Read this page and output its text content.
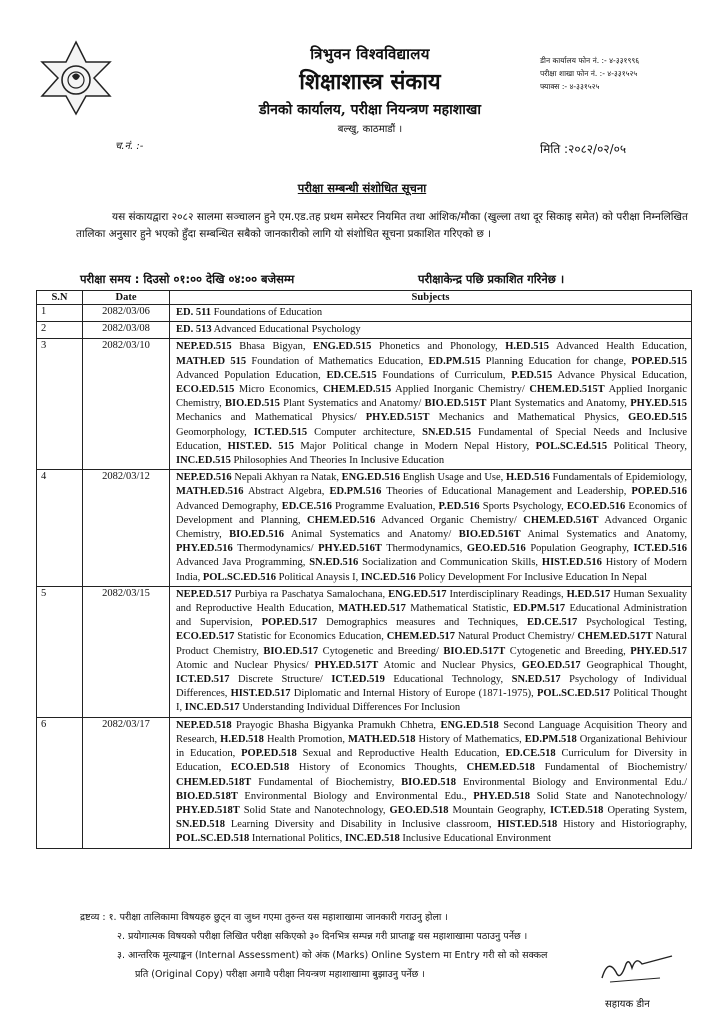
त्रिभुवन विश्वविद्यालय
शिक्षाशास्त्र संकाय
डीनको कार्यालय, परीक्षा नियन्त्रण महाशाखा
बल्खु, काठमाडौं ।
डीन कार्यालय फोन नं. :- ४-३३१९९६
परीक्षा शाखा फोन नं. :- ४-३३१५२५
फ्याक्स :- ४-३३१५२५
च.नं. :-	मिति :२०८२/०२/०५
परीक्षा सम्बन्धी संशोधित सूचना
यस संकायद्वारा २०८२ सालमा सञ्चालन हुने एम.एड.तह प्रथम समेस्टर नियमित तथा आंशिक/मौका (खुल्ला तथा दूर सिकाइ समेत) को परीक्षा निम्नलिखित तालिका अनुसार हुने भएको हुँदा सम्बन्धित सबैको जानकारीको लागि यो संशोधित सूचना प्रकाशित गरिएको छ ।
परीक्षा समय : दिउसो ०१:०० देखि ०४:०० बजेसम्म	परीक्षाकेन्द्र पछि प्रकाशित गरिनेछ ।
S.N	Date	Subjects
1	2082/03/06	ED. 511 Foundations of Education
2	2082/03/08	ED. 513 Advanced Educational Psychology
3	2082/03/10	NEP.ED.515 Bhasa Bigyan, ENG.ED.515 Phonetics and Phonology, H.ED.515 Advanced Health Education, MATH.ED 515 Foundation of Mathematics Education, ED.PM.515 Planning Education for change, POP.ED.515 Advanced Population Education, ED.CE.515 Foundations of Curriculum, P.ED.515 Advance Physical Education, ECO.ED.515 Micro Economics, CHEM.ED.515 Applied Inorganic Chemistry/ CHEM.ED.515T Applied Inorganic Chemistry, BIO.ED.515 Plant Systematics and Anatomy/ BIO.ED.515T Plant Systematics and Anatomy, PHY.ED.515 Mechanics and Mathematical Physics/ PHY.ED.515T Mechanics and Mathematical Physics, GEO.ED.515 Geomorphology, ICT.ED.515 Computer architecture, SN.ED.515 Fundamental of Special Needs and Inclusive Education, HIST.ED. 515 Major Political change in Modern Nepal History, POL.SC.Ed.515 Political Theory, INC.ED.515 Philosophies And Theories In Inclusive Education
4	2082/03/12	NEP.ED.516 Nepali Akhyan ra Natak, ENG.ED.516 English Usage and Use, H.ED.516 Fundamentals of Epidemiology, MATH.ED.516 Abstract Algebra, ED.PM.516 Theories of Educational Management and Leadership, POP.ED.516 Advanced Demography, ED.CE.516 Programme Evaluation, P.ED.516 Sports Psychology, ECO.ED.516 Economics of Development and Planning, CHEM.ED.516 Advanced Organic Chemistry/ CHEM.ED.516T Advanced Organic Chemistry, BIO.ED.516 Animal Systematics and Anatomy/ BIO.ED.516T Animal Systematics and Anatomy, PHY.ED.516 Thermodynamics/ PHY.ED.516T Thermodynamics, GEO.ED.516 Population Geography, ICT.ED.516 Advanced Java Programming, SN.ED.516 Socialization and Communication Skills, HIST.ED.516 History of Modern India, POL.SC.ED.516 Political Anaysis I, INC.ED.516 Policy Development For Inclusive Education In Nepal
5	2082/03/15	NEP.ED.517 Purbiya ra Paschatya Samalochana, ENG.ED.517 Interdisciplinary Readings, H.ED.517 Human Sexuality and Reproductive Health Education, MATH.ED.517 Mathematical Statistic, ED.PM.517 Educational Administration and Supervision, POP.ED.517 Demographics measures and Techniques, ED.CE.517 Psychological Testing, ECO.ED.517 Statistic for Economics Education, CHEM.ED.517 Natural Product Chemistry/ CHEM.ED.517T Natural Product Chemistry, BIO.ED.517 Cytogenetic and Breeding/ BIO.ED.517T Cytogenetic and Breeding, PHY.ED.517 Atomic and Nuclear Physics/ PHY.ED.517T Atomic and Nuclear Physics, GEO.ED.517 Geographical Thought, ICT.ED.517 Discrete Structure/ ICT.ED.519 Educational Technology, SN.ED.517 Psychology of Individual Differences, HIST.ED.517 Diplomatic and Internal History of Europe (1871-1975), POL.SC.ED.517 Political Thought I, INC.ED.517 Understanding Individual Differences For Inclusion
6	2082/03/17	NEP.ED.518 Prayogic Bhasha Bigyanka Pramukh Chhetra, ENG.ED.518 Second Language Acquisition Theory and Research, H.ED.518 Health Promotion, MATH.ED.518 History of Mathematics, ED.PM.518 Organizational Behiviour in Education, POP.ED.518 Sexual and Reproductive Health Education, ED.CE.518 Curriculum for Diversity in Education, ECO.ED.518 History of Economics Thoughts, CHEM.ED.518 Fundamental of Biochemistry/ CHEM.ED.518T Fundamental of Biochemistry, BIO.ED.518 Environmental Biology and Environmental Edu./ BIO.ED.518T Environmental Biology and Environmental Edu., PHY.ED.518 Solid State and Nanotechnology/ PHY.ED.518T Solid State and Nanotechnology, GEO.ED.518 Mountain Geography, ICT.ED.518 Operating System, SN.ED.518 Learning Diversity and Disability in Inclusive classroom, HIST.ED.518 History and Historiography, POL.SC.ED.518 International Politics, INC.ED.518 Inclusive Educational Environment
द्रष्टव्य : १. परीक्षा तालिकामा विषयहरु छुट्न वा जुध्न गएमा तुरुन्त यस महाशाखामा जानकारी गराउनु होला ।
२. प्रयोगात्मक विषयको परीक्षा लिखित परीक्षा सकिएको ३० दिनभित्र सम्पन्न गरी प्राप्ताङ्क यस महाशाखामा पठाउनु पर्नेछ ।
३. आन्तरिक मूल्याङ्कन (Internal Assessment) को अंक (Marks) Online System मा Entry गरी सो को सक्कल
प्रति (Original Copy) परीक्षा अगावै परीक्षा नियन्त्रण महाशाखामा बुझाउनु पर्नेछ ।
सहायक डीन
